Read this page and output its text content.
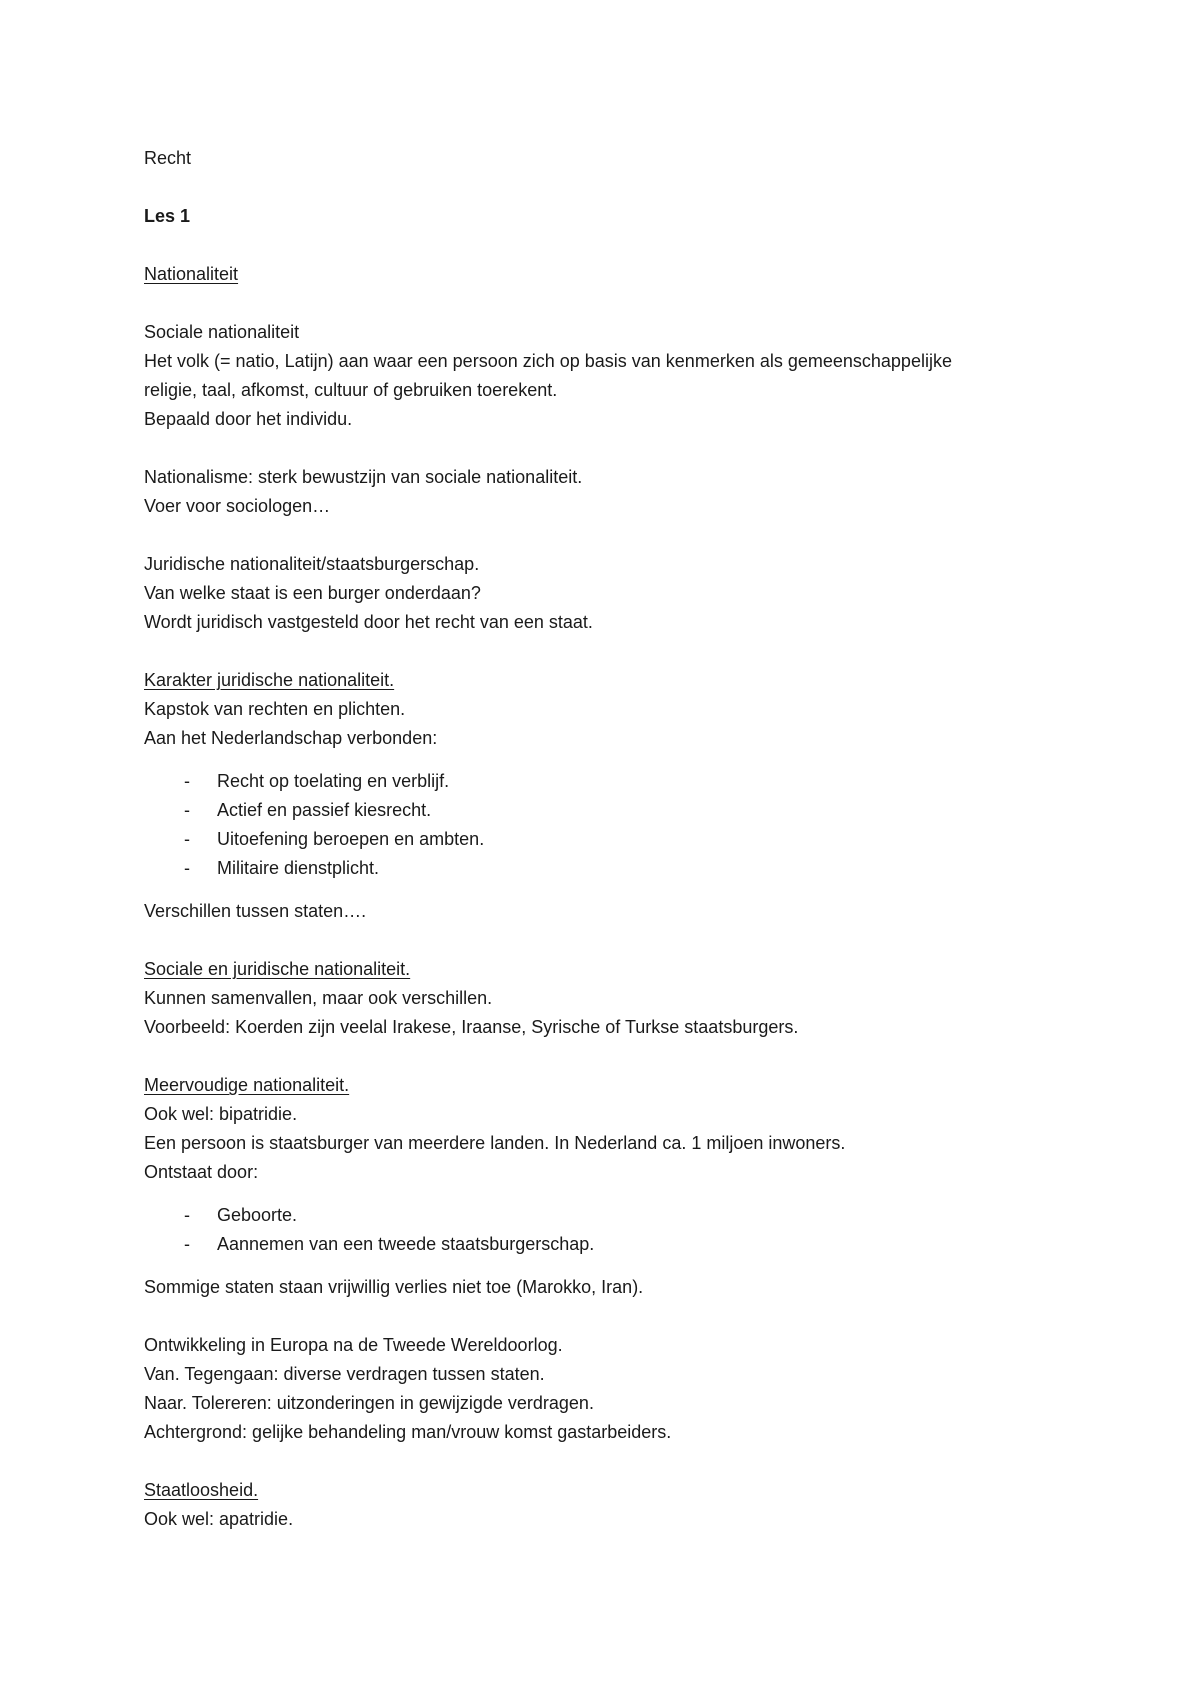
Recht
Les 1
Nationaliteit
Sociale nationaliteit
Het volk (= natio, Latijn) aan waar een persoon zich op basis van kenmerken als gemeenschappelijke
religie, taal, afkomst, cultuur of gebruiken toerekent.
Bepaald door het individu.
Nationalisme: sterk bewustzijn van sociale nationaliteit.
Voer voor sociologen…
Juridische nationaliteit/staatsburgerschap.
Van welke staat is een burger onderdaan?
Wordt juridisch vastgesteld door het recht van een staat.
Karakter juridische nationaliteit.
Kapstok van rechten en plichten.
Aan het Nederlandschap verbonden:
- Recht op toelating en verblijf.
- Actief en passief kiesrecht.
- Uitoefening beroepen en ambten.
- Militaire dienstplicht.
Verschillen tussen staten….
Sociale en juridische nationaliteit.
Kunnen samenvallen, maar ook verschillen.
Voorbeeld: Koerden zijn veelal Irakese, Iraanse, Syrische of Turkse staatsburgers.
Meervoudige nationaliteit.
Ook wel: bipatridie.
Een persoon is staatsburger van meerdere landen. In Nederland ca. 1 miljoen inwoners.
Ontstaat door:
- Geboorte.
- Aannemen van een tweede staatsburgerschap.
Sommige staten staan vrijwillig verlies niet toe (Marokko, Iran).
Ontwikkeling in Europa na de Tweede Wereldoorlog.
Van. Tegengaan: diverse verdragen tussen staten.
Naar. Tolereren: uitzonderingen in gewijzigde verdragen.
Achtergrond: gelijke behandeling man/vrouw komst gastarbeiders.
Staatloosheid.
Ook wel: apatridie.
